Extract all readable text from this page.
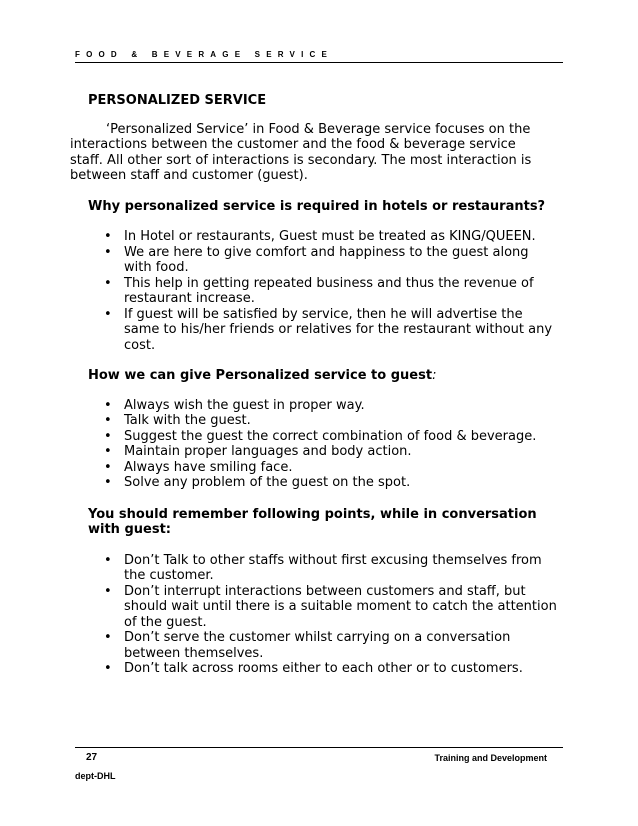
FOOD & BEVERAGE SERVICE

PERSONALIZED SERVICE

‘Personalized Service’ in Food & Beverage service focuses on the interactions between the customer and the food & beverage service staff. All other sort of interactions is secondary. The most interaction is between staff and customer (guest).

Why personalized service is required in hotels or restaurants?

• In Hotel or restaurants, Guest must be treated as KING/QUEEN.
• We are here to give comfort and happiness to the guest along with food.
• This help in getting repeated business and thus the revenue of restaurant increase.
• If guest will be satisfied by service, then he will advertise the same to his/her friends or relatives for the restaurant without any cost.

How we can give Personalized service to guest:

• Always wish the guest in proper way.
• Talk with the guest.
• Suggest the guest the correct combination of food & beverage.
• Maintain proper languages and body action.
• Always have smiling face.
• Solve any problem of the guest on the spot.

You should remember following points, while in conversation with guest:

• Don’t Talk to other staffs without first excusing themselves from the customer.
• Don’t interrupt interactions between customers and staff, but should wait until there is a suitable moment to catch the attention of the guest.
• Don’t serve the customer whilst carrying on a conversation between themselves.
• Don’t talk across rooms either to each other or to customers.
27	Training and Development
dept-DHL
